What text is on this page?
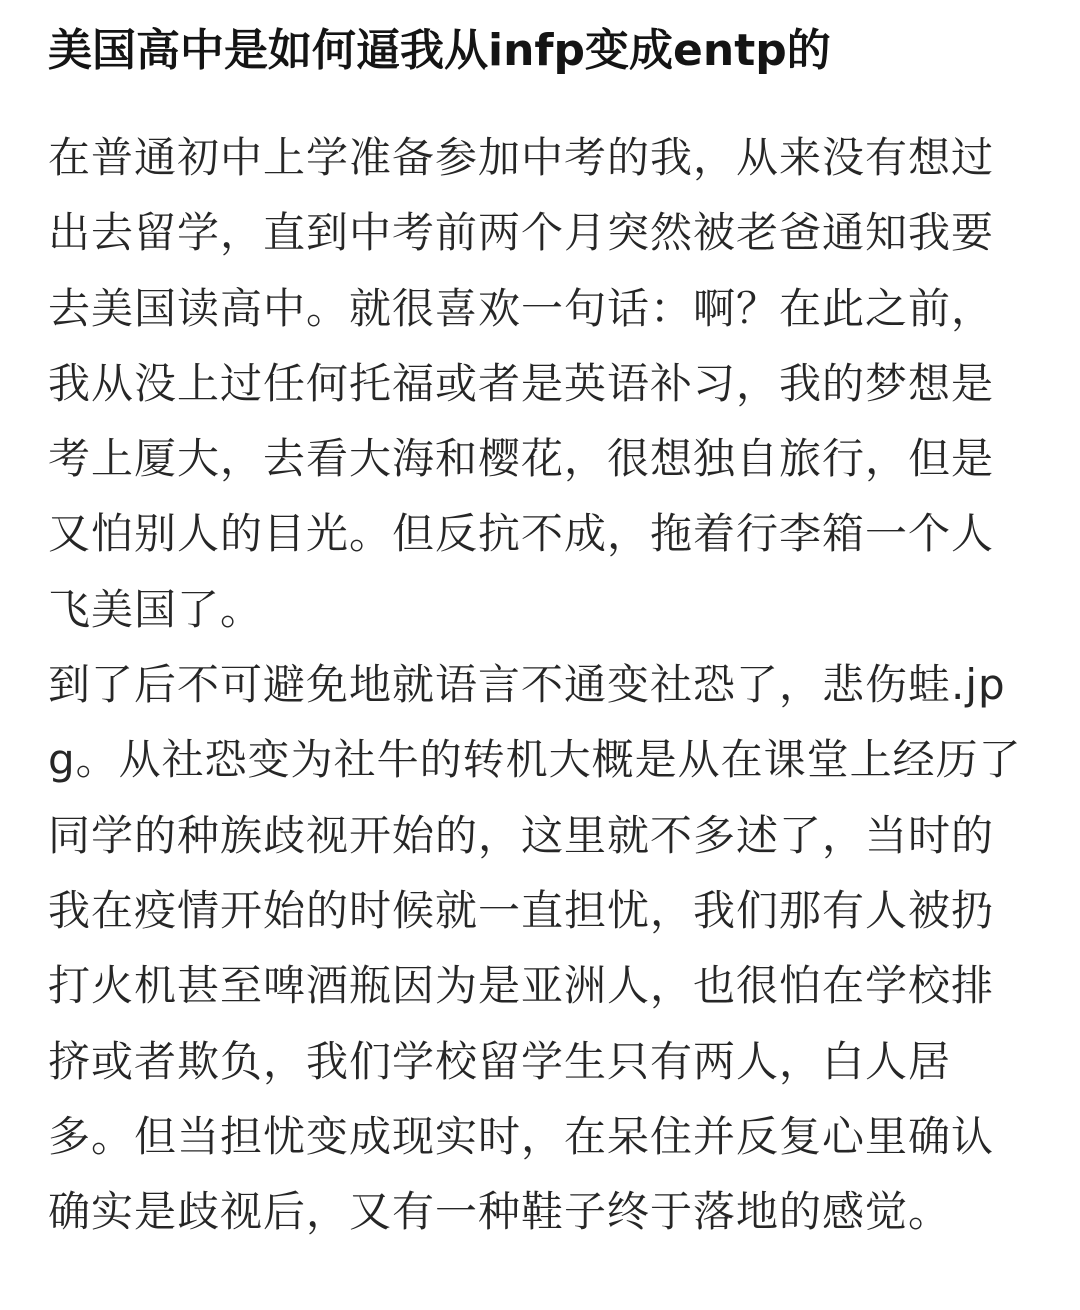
美国高中是如何逼我从infp变成entp的

在普通初中上学准备参加中考的我，从来没有想过出去留学，直到中考前两个月突然被老爸通知我要去美国读高中。就很喜欢一句话：啊？在此之前，我从没上过任何托福或者是英语补习，我的梦想是考上厦大，去看大海和樱花，很想独自旅行，但是又怕别人的目光。但反抗不成，拖着行李箱一个人飞美国了。

到了后不可避免地就语言不通变社恐了，悲伤蛙.jpg。从社恐变为社牛的转机大概是从在课堂上经历了同学的种族歧视开始的，这里就不多述了，当时的我在疫情开始的时候就一直担忧，我们那有人被扔打火机甚至啤酒瓶因为是亚洲人，也很怕在学校排挤或者欺负，我们学校留学生只有两人，白人居多。但当担忧变成现实时，在呆住并反复心里确认确实是歧视后，又有一种鞋子终于落地的感觉。
